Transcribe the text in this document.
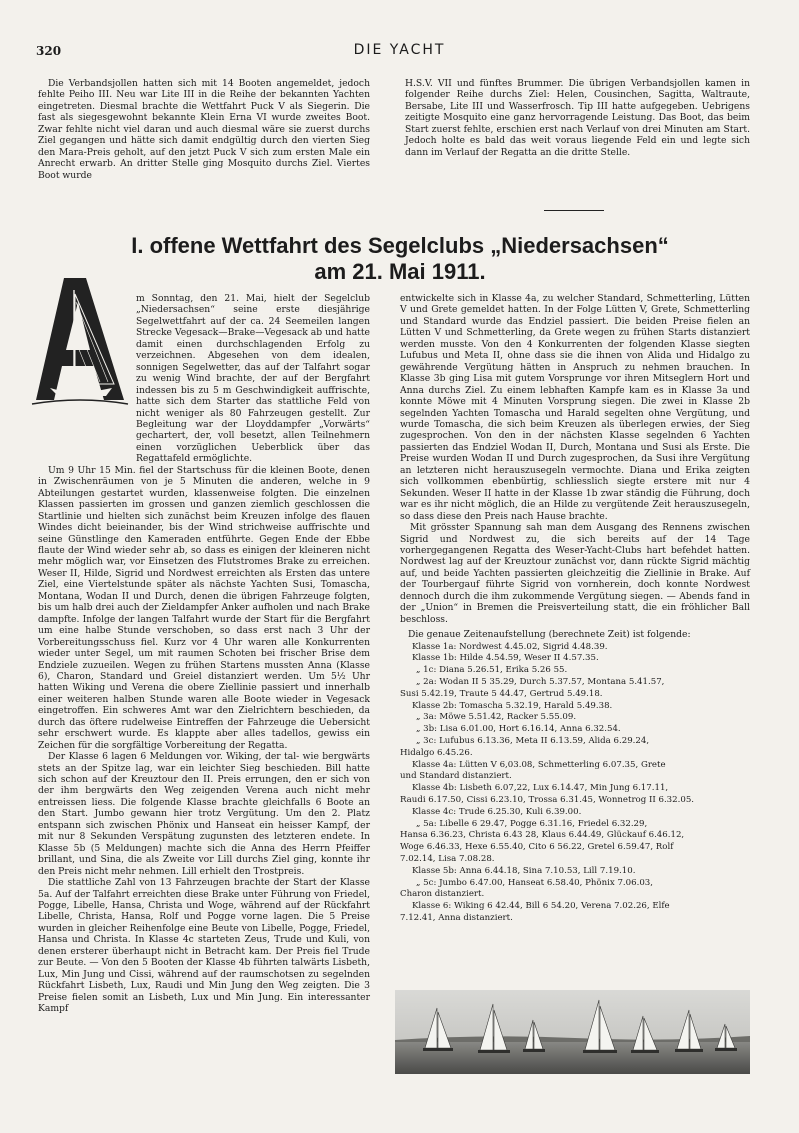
320	DIE YACHT

Die Verbandsjollen hatten sich mit 14 Booten angemeldet, jedoch fehlte Peiho III. Neu war Lite III in die Reihe der bekannten Yachten eingetreten. Diesmal brachte die Wettfahrt Puck V als Siegerin. Die fast als siegesgewohnt bekannte Klein Erna VI wurde zweites Boot. Zwar fehlte nicht viel daran und auch diesmal wäre sie zuerst durchs Ziel gegangen und hätte sich damit endgültig durch den vierten Sieg den Mara-Preis geholt, auf den jetzt Puck V sich zum ersten Male ein Anrecht erwarb. An dritter Stelle ging Mosquito durchs Ziel. Viertes Boot wurde

H.S.V. VII und fünftes Brummer. Die übrigen Verbandsjollen kamen in folgender Reihe durchs Ziel: Helen, Cousinchen, Sagitta, Waltraute, Bersabe, Lite III und Wasserfrosch. Tip III hatte aufgegeben. Uebrigens zeitigte Mosquito eine ganz hervorragende Leistung. Das Boot, das beim Start zuerst fehlte, erschien erst nach Verlauf von drei Minuten am Start. Jedoch holte es bald das weit voraus liegende Feld ein und legte sich dann im Verlauf der Regatta an die dritte Stelle.

I. offene Wettfahrt des Segelclubs „Niedersachsen“
am 21. Mai 1911.

m Sonntag, den 21. Mai, hielt der Segelclub „Niedersachsen“ seine erste diesjährige Segelwettfahrt auf der ca. 24 Seemeilen langen Strecke Vegesack—Brake—Vegesack ab und hatte damit einen durchschlagenden Erfolg zu verzeichnen. Abgesehen von dem idealen, sonnigen Segelwetter, das auf der Talfahrt sogar zu wenig Wind brachte, der auf der Bergfahrt indessen bis zu 5 m Geschwindigkeit auffrischte, hatte sich dem Starter das stattliche Feld von nicht weniger als 80 Fahrzeugen gestellt. Zur Begleitung war der Lloyddampfer „Vorwärts“ gechartert, der, voll besetzt, allen Teilnehmern einen vorzüglichen Ueberblick über das Regattafeld ermöglichte.

Um 9 Uhr 15 Min. fiel der Startschuss für die kleinen Boote, denen in Zwischenräumen von je 5 Minuten die anderen, welche in 9 Abteilungen gestartet wurden, klassenweise folgten. Die einzelnen Klassen passierten im grossen und ganzen ziemlich geschlossen die Startlinie und hielten sich zunächst beim Kreuzen infolge des flauen Windes dicht beieinander, bis der Wind strichweise auffrischte und seine Günstlinge den Kameraden entführte. Gegen Ende der Ebbe flaute der Wind wieder sehr ab, so dass es einigen der kleineren nicht mehr möglich war, vor Einsetzen des Flutstromes Brake zu erreichen. Weser II, Hilde, Sigrid und Nordwest erreichten als Ersten das untere Ziel, eine Viertelstunde später als nächste Yachten Susi, Tomascha, Montana, Wodan II und Durch, denen die übrigen Fahrzeuge folgten, bis um halb drei auch der Zieldampfer Anker aufholen und nach Brake dampfte. Infolge der langen Talfahrt wurde der Start für die Bergfahrt um eine halbe Stunde verschoben, so dass erst nach 3 Uhr der Vorbereitungsschuss fiel. Kurz vor 4 Uhr waren alle Konkurrenten wieder unter Segel, um mit raumen Schoten bei frischer Brise dem Endziele zuzueilen. Wegen zu frühen Startens mussten Anna (Klasse 6), Charon, Standard und Greiel distanziert werden. Um 5½ Uhr hatten Wiking und Verena die obere Ziellinie passiert und innerhalb einer weiteren halben Stunde waren alle Boote wieder in Vegesack eingetroffen. Ein schweres Amt war den Zielrichtern beschieden, da durch das öftere rudelweise Eintreffen der Fahrzeuge die Uebersicht sehr erschwert wurde. Es klappte aber alles tadellos, gewiss ein Zeichen für die sorgfältige Vorbereitung der Regatta.

Der Klasse 6 lagen 6 Meldungen vor. Wiking, der tal- wie bergwärts stets an der Spitze lag, war ein leichter Sieg beschieden. Bill hatte sich schon auf der Kreuztour den II. Preis errungen, den er sich von der ihm bergwärts den Weg zeigenden Verena auch nicht mehr entreissen liess. Die folgende Klasse brachte gleichfalls 6 Boote an den Start. Jumbo gewann hier trotz Vergütung. Um den 2. Platz entspann sich zwischen Phönix und Hanseat ein heisser Kampf, der mit nur 8 Sekunden Verspätung zugunsten des letzteren endete. In Klasse 5b (5 Meldungen) machte sich die Anna des Herrn Pfeiffer brillant, und Sina, die als Zweite vor Lill durchs Ziel ging, konnte ihr den Preis nicht mehr nehmen. Lill erhielt den Trostpreis.

Die stattliche Zahl von 13 Fahrzeugen brachte der Start der Klasse 5a. Auf der Talfahrt erreichten diese Brake unter Führung von Friedel, Pogge, Libelle, Hansa, Christa und Woge, während auf der Rückfahrt Libelle, Christa, Hansa, Rolf und Pogge vorne lagen. Die 5 Preise wurden in gleicher Reihenfolge eine Beute von Libelle, Pogge, Friedel, Hansa und Christa. In Klasse 4c starteten Zeus, Trude und Kuli, von denen ersterer überhaupt nicht in Betracht kam. Der Preis fiel Trude zur Beute. — Von den 5 Booten der Klasse 4b führten talwärts Lisbeth, Lux, Min Jung und Cissi, während auf der raumschotsen zu segelnden Rückfahrt Lisbeth, Lux, Raudi und Min Jung den Weg zeigten. Die 3 Preise fielen somit an Lisbeth, Lux und Min Jung. Ein interessanter Kampf

entwickelte sich in Klasse 4a, zu welcher Standard, Schmetterling, Lütten V und Grete gemeldet hatten. In der Folge Lütten V, Grete, Schmetterling und Standard wurde das Endziel passiert. Die beiden Preise fielen an Lütten V und Schmetterling, da Grete wegen zu frühen Starts distanziert werden musste. Von den 4 Konkurrenten der folgenden Klasse siegten Lufubus und Meta II, ohne dass sie die ihnen von Alida und Hidalgo zu gewährende Vergütung hätten in Anspruch zu nehmen brauchen. In Klasse 3b ging Lisa mit gutem Vorsprunge vor ihren Mitseglern Hort und Anna durchs Ziel. Zu einem lebhaften Kampfe kam es in Klasse 3a und konnte Möwe mit 4 Minuten Vorsprung siegen. Die zwei in Klasse 2b segelnden Yachten Tomascha und Harald segelten ohne Vergütung, und wurde Tomascha, die sich beim Kreuzen als überlegen erwies, der Sieg zugesprochen. Von den in der nächsten Klasse segelnden 6 Yachten passierten das Endziel Wodan II, Durch, Montana und Susi als Erste. Die Preise wurden Wodan II und Durch zugesprochen, da Susi ihre Vergütung an letzteren nicht herauszusegeln vermochte. Diana und Erika zeigten sich vollkommen ebenbürtig, schliesslich siegte erstere mit nur 4 Sekunden. Weser II hatte in der Klasse 1b zwar ständig die Führung, doch war es ihr nicht möglich, die an Hilde zu vergütende Zeit herauszusegeln, so dass diese den Preis nach Hause brachte.

Mit grösster Spannung sah man dem Ausgang des Rennens zwischen Sigrid und Nordwest zu, die sich bereits auf der 14 Tage vorhergegangenen Regatta des Weser-Yacht-Clubs hart befehdet hatten. Nordwest lag auf der Kreuztour zunächst vor, dann rückte Sigrid mächtig auf, und beide Yachten passierten gleichzeitig die Ziellinie in Brake. Auf der Tourbergauf führte Sigrid von vornherein, doch konnte Nordwest dennoch durch die ihm zukommende Vergütung siegen. — Abends fand in der „Union“ in Bremen die Preisverteilung statt, die ein fröhlicher Ball beschloss.

Die genaue Zeitenaufstellung (berechnete Zeit) ist folgende:

Klasse 1a: Nordwest 4.45.02, Sigrid 4.48.39.

Klasse 1b: Hilde 4.54.59, Weser II 4.57.35.

„ 1c: Diana 5.26.51, Erika 5.26 55.

„ 2a: Wodan II 5 35.29, Durch 5.37.57, Montana 5.41.57,

Susi 5.42.19, Traute 5 44.47, Gertrud 5.49.18.

Klasse 2b: Tomascha 5.32.19, Harald 5.49.38.

„ 3a: Möwe 5.51.42, Racker 5.55.09.

„ 3b: Lisa 6.01.00, Hort 6.16.14, Anna 6.32.54.

„ 3c: Lufubus 6.13.36, Meta II 6.13.59, Alida 6.29.24,

Hidalgo 6.45.26.

Klasse 4a: Lütten V 6,03.08, Schmetterling 6.07.35, Grete

und Standard distanziert.

Klasse 4b: Lisbeth 6.07,22, Lux 6.14.47, Min Jung 6.17.11,

Raudi 6.17.50, Cissi 6.23.10, Trossa 6.31.45, Wonnetrog II 6.32.05.

Klasse 4c: Trude 6.25.30, Kuli 6.39.00.

„ 5a: Libelle 6 29.47, Pogge 6.31.16, Friedel 6.32.29,

Hansa 6.36.23, Christa 6.43 28, Klaus 6.44.49, Glückauf 6.46.12,

Woge 6.46.33, Hexe 6.55.40, Cito 6 56.22, Gretel 6.59.47, Rolf

7.02.14, Lisa 7.08.28.

Klasse 5b: Anna 6.44.18, Sina 7.10.53, Lill 7.19.10.

„ 5c: Jumbo 6.47.00, Hanseat 6.58.40, Phönix 7.06.03,

Charon distanziert.

Klasse 6: Wiking 6 42.44, Bill 6 54.20, Verena 7.02.26, Elfe

7.12.41, Anna distanziert.
